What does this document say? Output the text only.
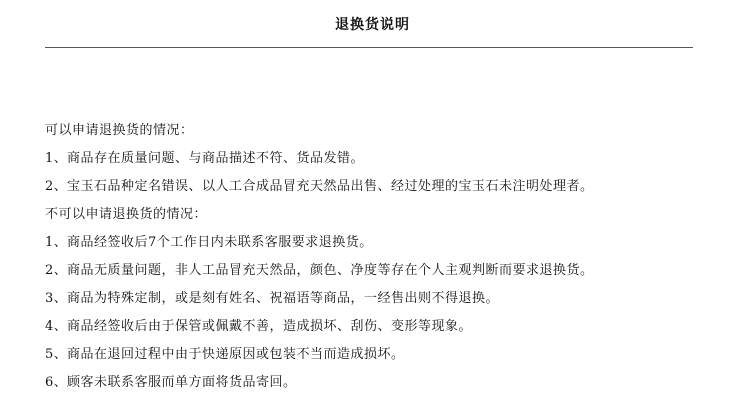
退换货说明
可以申请退换货的情况：
1、商品存在质量问题、与商品描述不符、货品发错。
2、宝玉石品种定名错误、以人工合成品冒充天然品出售、经过处理的宝玉石未注明处理者。
不可以申请退换货的情况：
1、商品经签收后7个工作日内未联系客服要求退换货。
2、商品无质量问题，非人工品冒充天然品，颜色、净度等存在个人主观判断而要求退换货。
3、商品为特殊定制，或是刻有姓名、祝福语等商品，一经售出则不得退换。
4、商品经签收后由于保管或佩戴不善，造成损坏、刮伤、变形等现象。
5、商品在退回过程中由于快递原因或包装不当而造成损坏。
6、顾客未联系客服而单方面将货品寄回。
